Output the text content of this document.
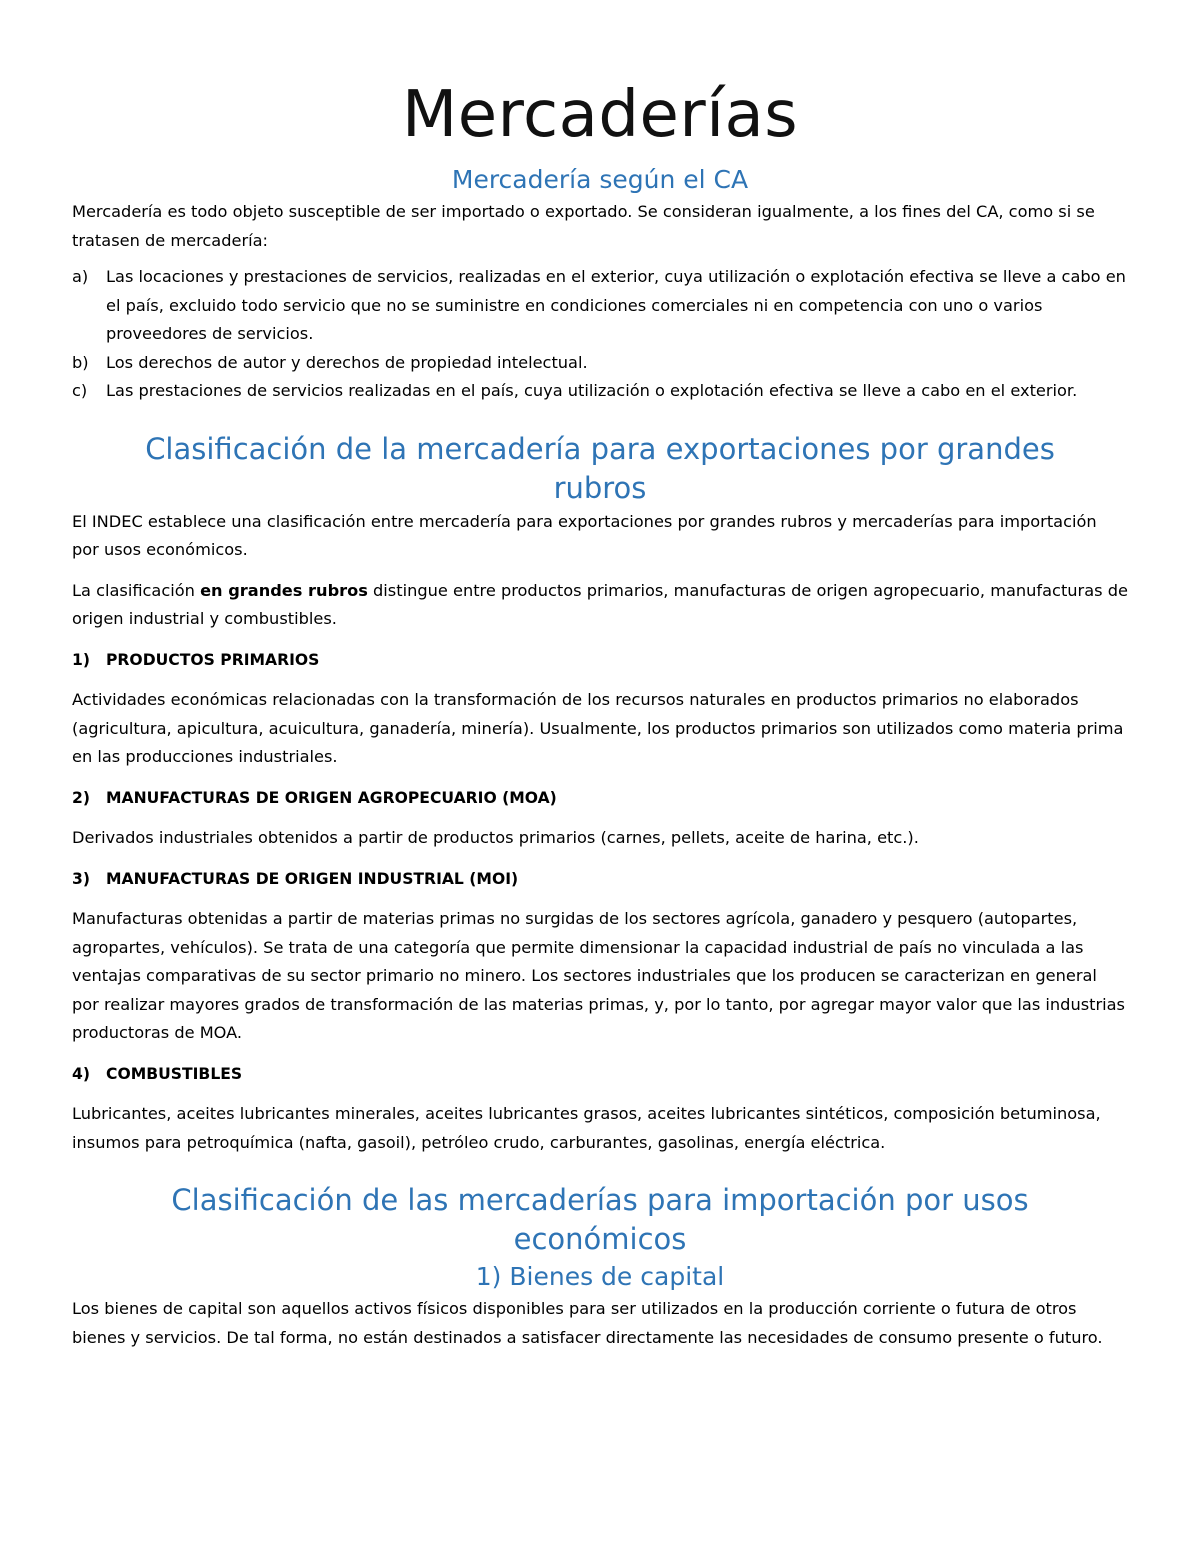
Mercaderías
Mercadería según el CA

Mercadería es todo objeto susceptible de ser importado o exportado. Se consideran igualmente, a los fines del CA, como si se tratasen de mercadería:

a) Las locaciones y prestaciones de servicios, realizadas en el exterior, cuya utilización o explotación efectiva se lleve a cabo en el país, excluido todo servicio que no se suministre en condiciones comerciales ni en competencia con uno o varios proveedores de servicios.
b) Los derechos de autor y derechos de propiedad intelectual.
c) Las prestaciones de servicios realizadas en el país, cuya utilización o explotación efectiva se lleve a cabo en el exterior.
Clasificación de la mercadería para exportaciones por grandes
rubros

El INDEC establece una clasificación entre mercadería para exportaciones por grandes rubros y mercaderías para importación por usos económicos.

La clasificación en grandes rubros distingue entre productos primarios, manufacturas de origen agropecuario, manufacturas de origen industrial y combustibles.

1) PRODUCTOS PRIMARIOS

Actividades económicas relacionadas con la transformación de los recursos naturales en productos primarios no elaborados (agricultura, apicultura, acuicultura, ganadería, minería). Usualmente, los productos primarios son utilizados como materia prima en las producciones industriales.

2) MANUFACTURAS DE ORIGEN AGROPECUARIO (MOA)

Derivados industriales obtenidos a partir de productos primarios (carnes, pellets, aceite de harina, etc.).

3) MANUFACTURAS DE ORIGEN INDUSTRIAL (MOI)

Manufacturas obtenidas a partir de materias primas no surgidas de los sectores agrícola, ganadero y pesquero (autopartes, agropartes, vehículos). Se trata de una categoría que permite dimensionar la capacidad industrial de país no vinculada a las ventajas comparativas de su sector primario no minero. Los sectores industriales que los producen se caracterizan en general por realizar mayores grados de transformación de las materias primas, y, por lo tanto, por agregar mayor valor que las industrias productoras de MOA.

4) COMBUSTIBLES

Lubricantes, aceites lubricantes minerales, aceites lubricantes grasos, aceites lubricantes sintéticos, composición betuminosa, insumos para petroquímica (nafta, gasoil), petróleo crudo, carburantes, gasolinas, energía eléctrica.

Clasificación de las mercaderías para importación por usos
económicos
1) Bienes de capital

Los bienes de capital son aquellos activos físicos disponibles para ser utilizados en la producción corriente o futura de otros bienes y servicios. De tal forma, no están destinados a satisfacer directamente las necesidades de consumo presente o futuro.
